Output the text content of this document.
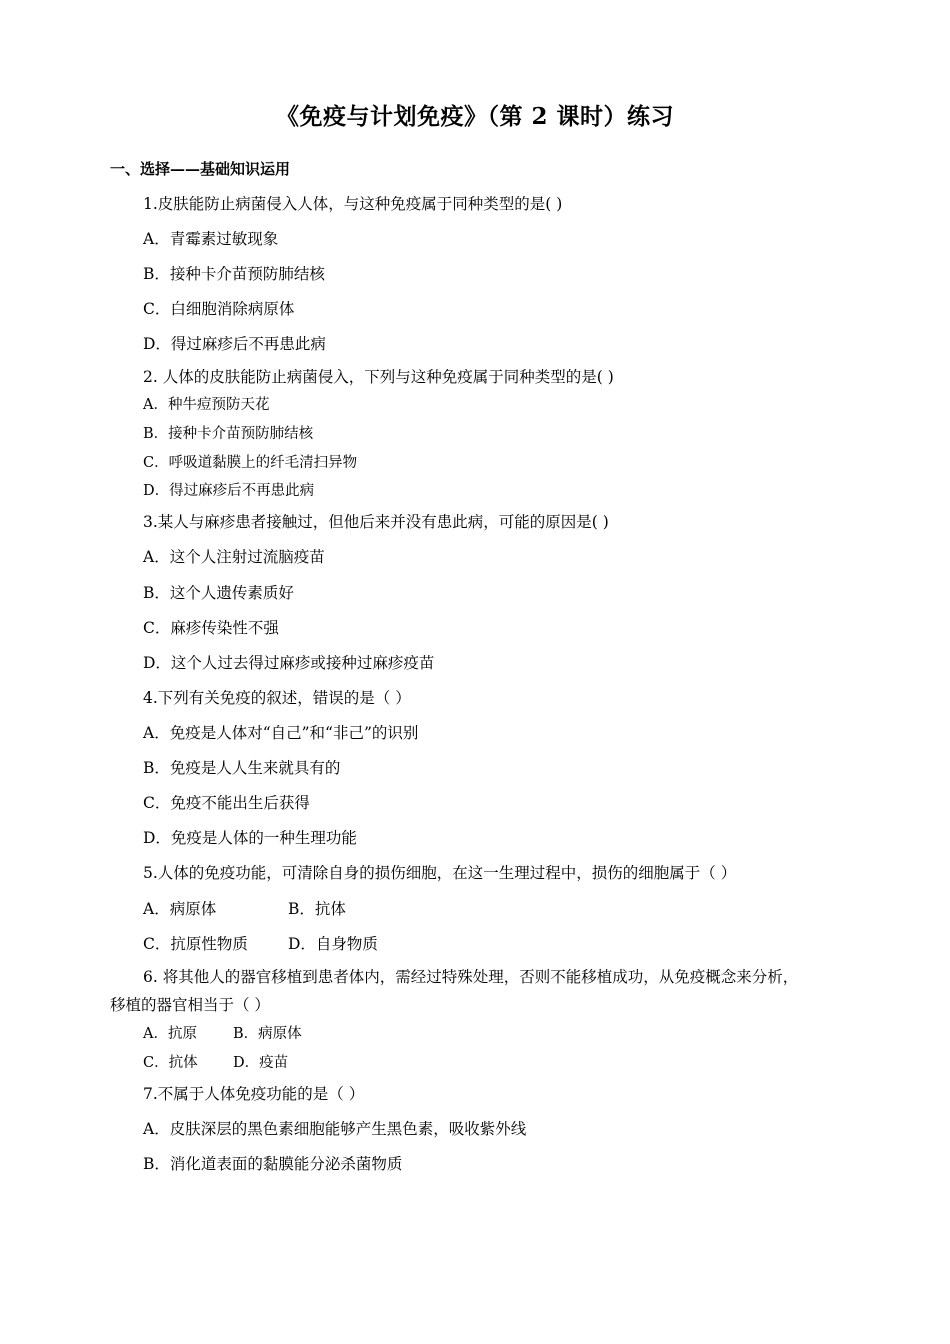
《免疫与计划免疫》（第 2 课时）练习
一、选择——基础知识运用
1.皮肤能防止病菌侵入人体，与这种免疫属于同种类型的是( )
A．青霉素过敏现象
B．接种卡介苗预防肺结核
C．白细胞消除病原体
D．得过麻疹后不再患此病
2. 人体的皮肤能防止病菌侵入，下列与这种免疫属于同种类型的是( )
A．种牛痘预防天花
B．接种卡介苗预防肺结核
C．呼吸道黏膜上的纤毛清扫异物
D．得过麻疹后不再患此病
3.某人与麻疹患者接触过，但他后来并没有患此病，可能的原因是( )
A．这个人注射过流脑疫苗
B．这个人遗传素质好
C．麻疹传染性不强
D．这个人过去得过麻疹或接种过麻疹疫苗
4.下列有关免疫的叙述，错误的是（ ）
A．免疫是人体对“自己”和“非己”的识别
B．免疫是人人生来就具有的
C．免疫不能出生后获得
D．免疫是人体的一种生理功能
5.人体的免疫功能，可清除自身的损伤细胞，在这一生理过程中，损伤的细胞属于（ ）
A．病原体	B．抗体
C．抗原性物质	D．自身物质
6. 将其他人的器官移植到患者体内，需经过特殊处理，否则不能移植成功，从免疫概念来分析，
移植的器官相当于（ ）
A．抗原 B．病原体
C．抗体 D．疫苗
7.不属于人体免疫功能的是（ ）
A．皮肤深层的黑色素细胞能够产生黑色素，吸收紫外线
B．消化道表面的黏膜能分泌杀菌物质
